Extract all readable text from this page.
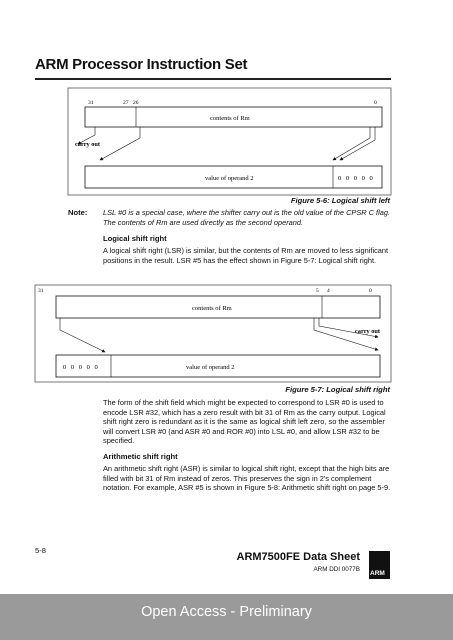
ARM Processor Instruction Set
31	27 26	0
contents of Rm
carry out
value of operand 2	0 0 0 0 0
31	5 4	0
contents of Rm
carry out
0 0 0 0 0	value of operand 2
Figure 5-6: Logical shift left
Note: LSL #0 is a special case, where the shifter carry out is the old value of the CPSR C flag. The contents of Rm are used directly as the second operand.
Logical shift right
A logical shift right (LSR) is similar, but the contents of Rm are moved to less significant positions in the result. LSR #5 has the effect shown in Figure 5-7: Logical shift right.
Figure 5-7: Logical shift right
The form of the shift field which might be expected to correspond to LSR #0 is used to encode LSR #32, which has a zero result with bit 31 of Rm as the carry output. Logical shift right zero is redundant as it is the same as logical shift left zero, so the assembler will convert LSR #0 (and ASR #0 and ROR #0) into LSL #0, and allow LSR #32 to be specified.
Arithmetic shift right
An arithmetic shift right (ASR) is similar to logical shift right, except that the high bits are filled with bit 31 of Rm instead of zeros. This preserves the sign in 2's complement notation. For example, ASR #5 is shown in Figure 5-8: Arithmetic shift right on page 5-9.
5-8
ARM7500FE Data Sheet
ARM DDI 0077B
ARM
Open Access - Preliminary
